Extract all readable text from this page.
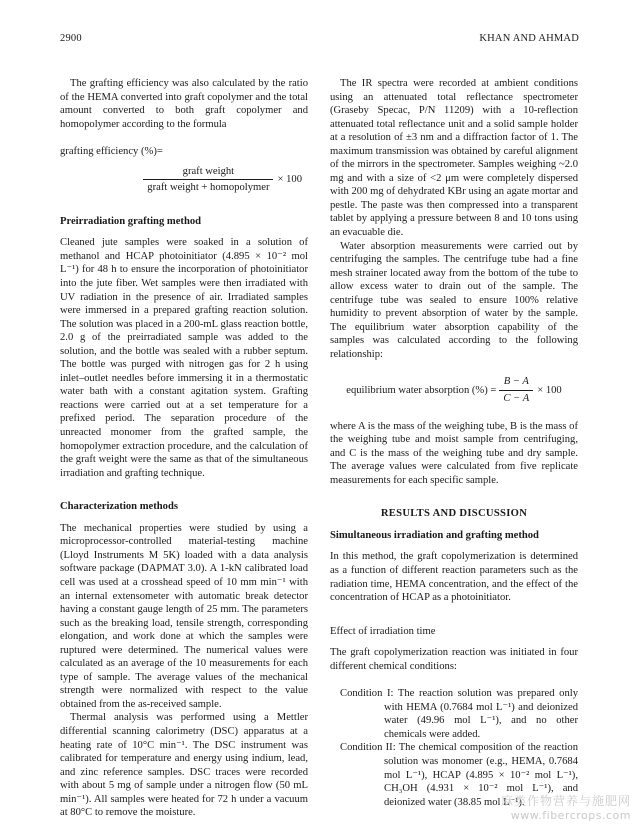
2900	KHAN AND AHMAD

The grafting efficiency was also calculated by the ratio of the HEMA converted into graft copolymer and the total amount converted to both graft copolymer and homopolymer according to the formula

grafting efficiency (%)=
$\frac{\text{graft weight}}{\text{graft weight + homopolymer}} \times 100$

Preirradiation grafting method

Cleaned jute samples were soaked in a solution of methanol and HCAP photoinitiator (4.895 × 10⁻² mol L⁻¹) for 48 h to ensure the incorporation of photoinitiator into the jute fiber. Wet samples were then irradiated with UV radiation in the presence of air. Irradiated samples were immersed in a prepared grafting reaction solution. The solution was placed in a 200-mL glass reaction bottle, 2.0 g of the preirradiated sample was added to the solution, and the bottle was sealed with a rubber septum. The bottle was purged with nitrogen gas for 2 h using inlet–outlet needles before immersing it in a thermostatic water bath with a constant agitation system. Grafting reactions were carried out at a set temperature for a prefixed period. The separation procedure of the unreacted monomer from the grafted sample, the homopolymer extraction procedure, and the calculation of the graft weight were the same as that of the simultaneous irradiation and grafting technique.

Characterization methods

The mechanical properties were studied by using a microprocessor-controlled material-testing machine (Lloyd Instruments M 5K) loaded with a data analysis software package (DAPMAT 3.0). A 1-kN calibrated load cell was used at a crosshead speed of 10 mm min⁻¹ with an internal extensometer with automatic break detector having a constant gauge length of 25 mm. The parameters such as the breaking load, tensile strength, corresponding elongation, and work done at which the samples were ruptured were determined. The numerical values were calculated as an average of the 10 measurements for each type of sample. The average values of the mechanical strength were normalized with respect to the value obtained from the as-received sample.

Thermal analysis was performed using a Mettler differential scanning calorimetry (DSC) apparatus at a heating rate of 10°C min⁻¹. The DSC instrument was calibrated for temperature and energy using indium, lead, and zinc reference samples. DSC traces were recorded with about 5 mg of sample under a nitrogen flow (50 mL min⁻¹). All samples were heated for 72 h under a vacuum at 80°C to remove the moisture.

The IR spectra were recorded at ambient conditions using an attenuated total reflectance spectrometer (Graseby Specac, P/N 11209) with a 10-reflection attenuated total reflectance unit and a solid sample holder at a resolution of ±3 nm and a diffraction factor of 1. The maximum transmission was obtained by careful alignment of the mirrors in the spectrometer. Samples weighing ~2.0 mg and with a size of <2 μm were completely dispersed with 200 mg of dehydrated KBr using an agate mortar and pestle. The paste was then compressed into a transparent tablet by applying a pressure between 8 and 10 tons using an evacuable die.

Water absorption measurements were carried out by centrifuging the samples. The centrifuge tube had a fine mesh strainer located away from the bottom of the tube to allow excess water to drain out of the sample. The centrifuge tube was sealed to ensure 100% relative humidity to prevent absorption of water by the sample. The equilibrium water absorption capability of the samples was calculated according to the following relationship:

equilibrium water absorption (%) = $\frac{B - A}{C - A} \times 100$

where A is the mass of the weighing tube, B is the mass of the weighing tube and moist sample from centrifuging, and C is the mass of the weighing tube and dry sample. The average values were calculated from five replicate measurements for each specific sample.

RESULTS AND DISCUSSION

Simultaneous irradiation and grafting method

In this method, the graft copolymerization is determined as a function of different reaction parameters such as the radiation time, HEMA concentration, and the effect of the concentration of HCAP as a photoinitiator.

Effect of irradiation time

The graft copolymerization reaction was initiated in four different chemical conditions:

Condition I: The reaction solution was prepared only with HEMA (0.7684 mol L⁻¹) and deionized water (49.96 mol L⁻¹), and no other chemicals were added.

Condition II: The chemical composition of the reaction solution was monomer (e.g., HEMA, 0.7684 mol L⁻¹), HCAP (4.895 × 10⁻² mol L⁻¹), CH₃OH (4.931 × 10⁻² mol L⁻¹), and deionized water (38.85 mol L⁻¹).

麻类作物营养与施肥网
www.fibercrops.com
